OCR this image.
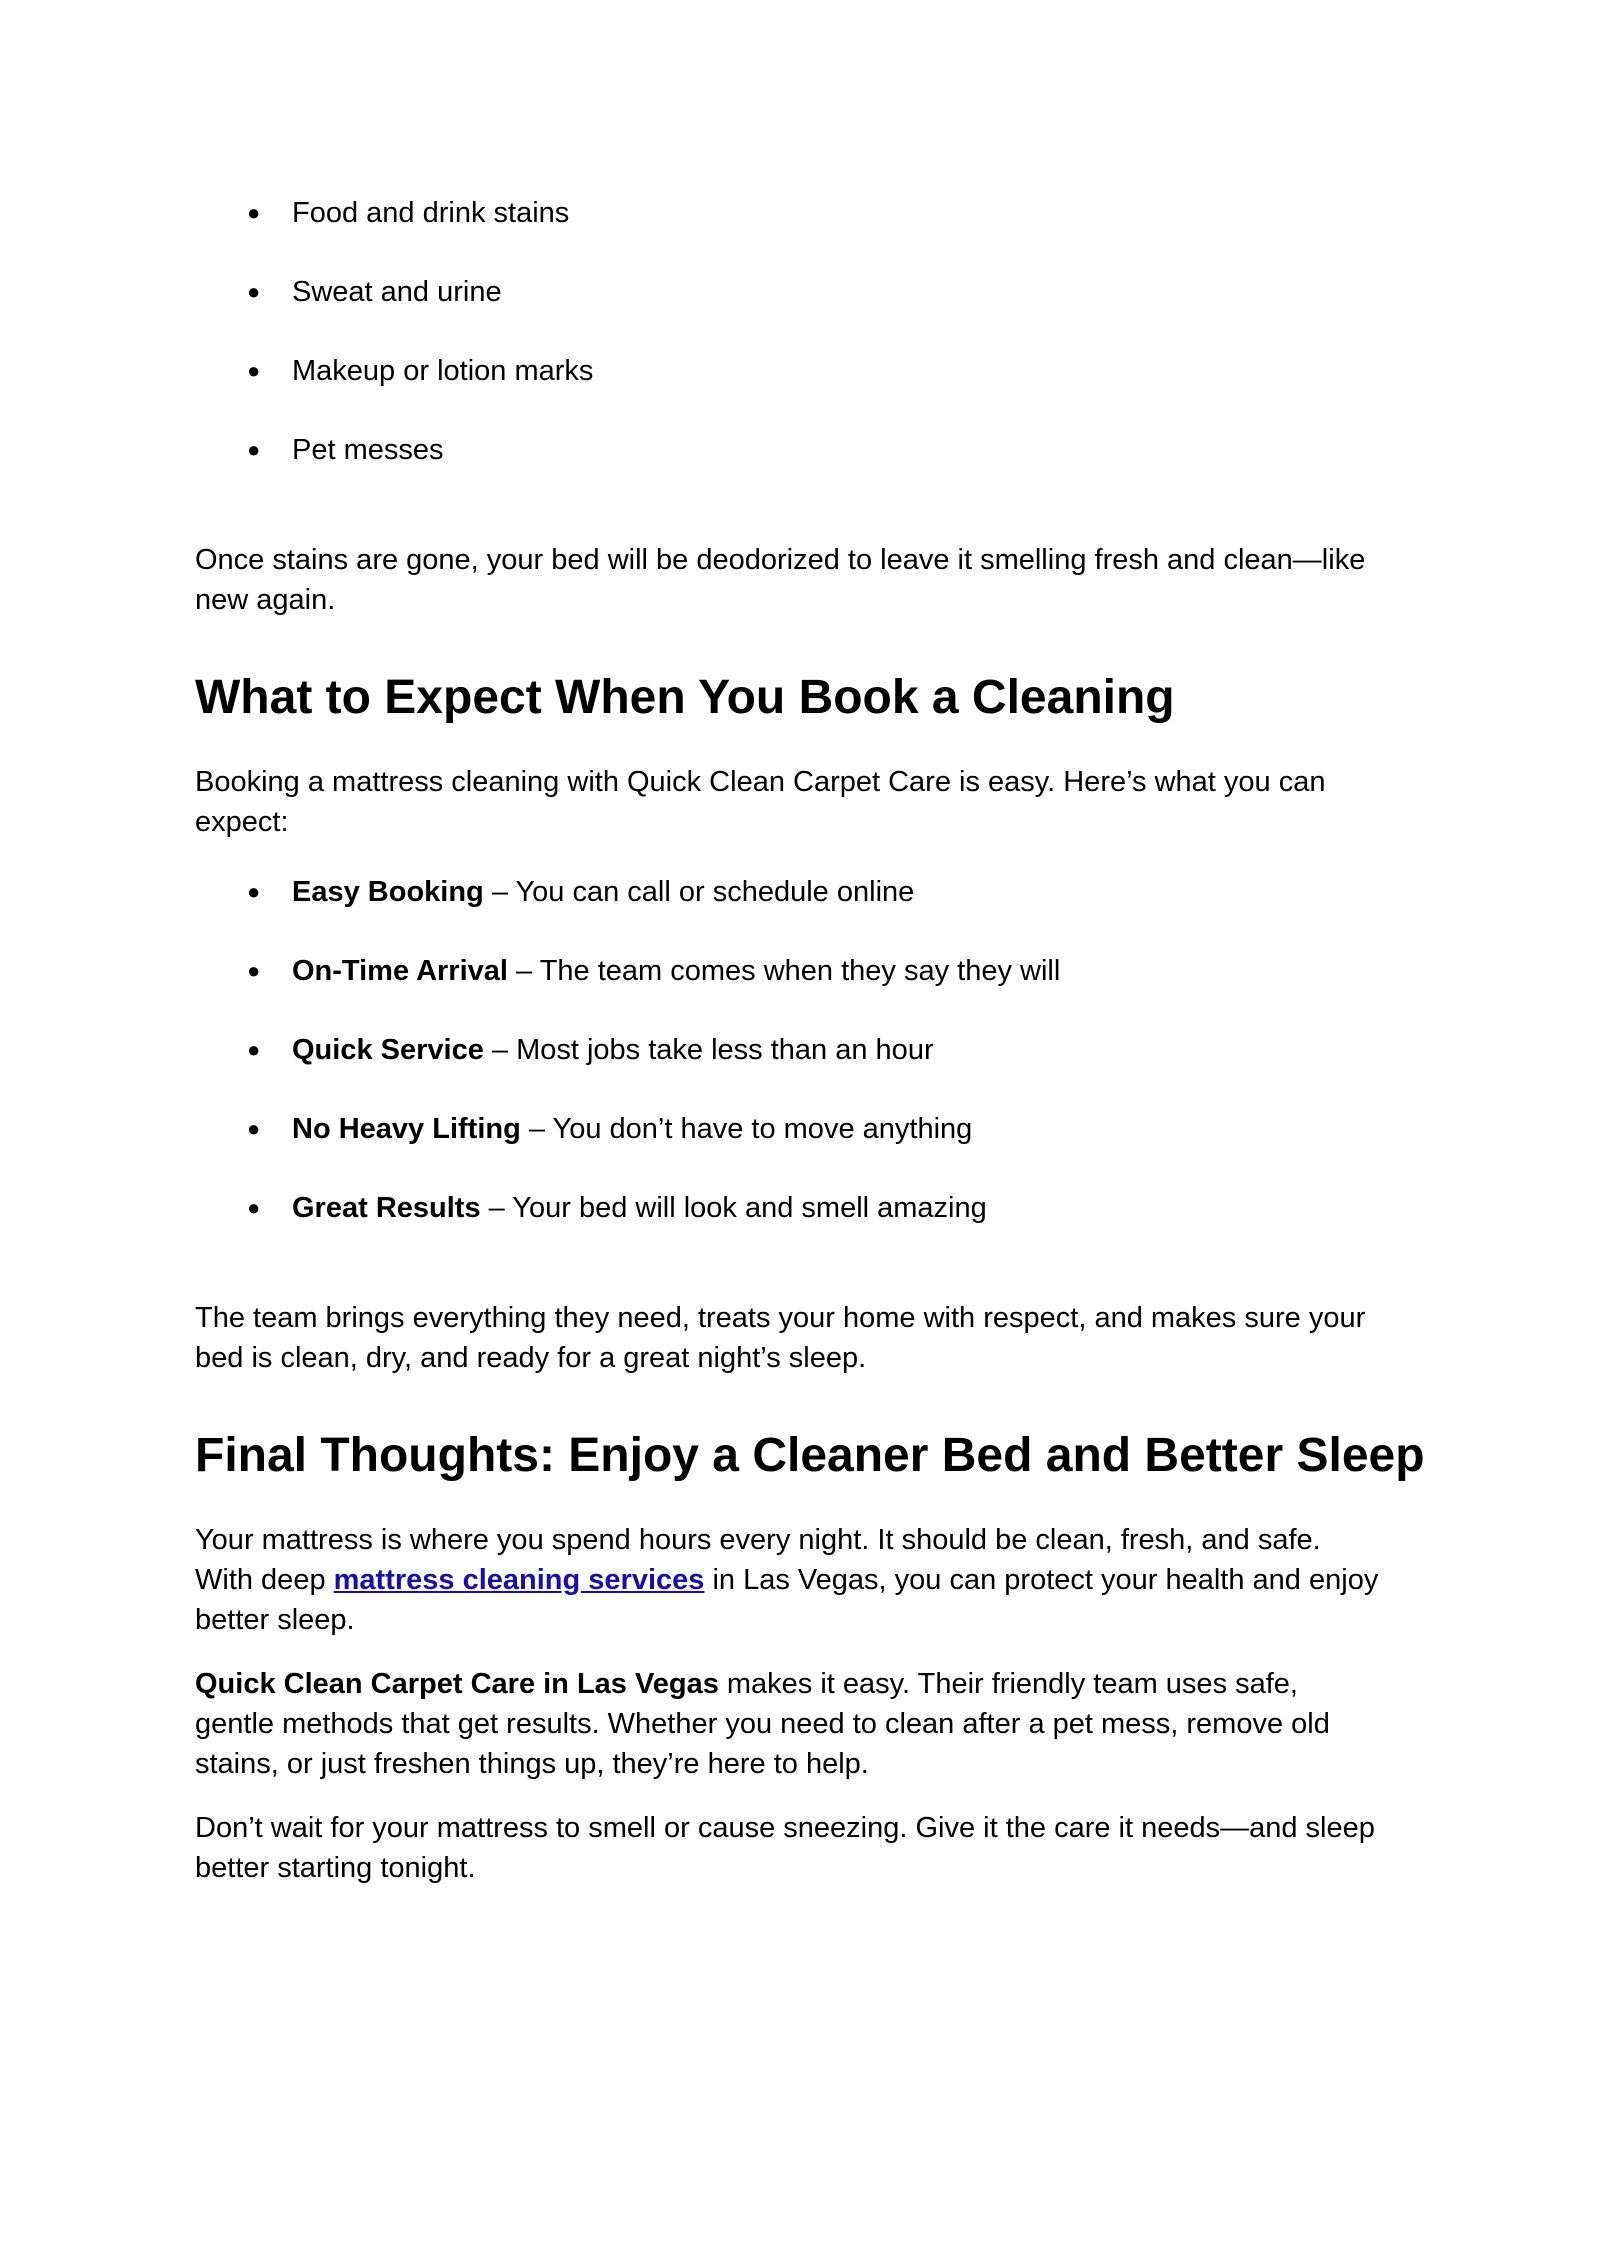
● Food and drink stains
● Sweat and urine
● Makeup or lotion marks
● Pet messes

Once stains are gone, your bed will be deodorized to leave it smelling fresh and clean—like

new again.

What to Expect When You Book a Cleaning

Booking a mattress cleaning with Quick Clean Carpet Care is easy. Here’s what you can

expect:

● Easy Booking – You can call or schedule online
● On-Time Arrival – The team comes when they say they will
● Quick Service – Most jobs take less than an hour
● No Heavy Lifting – You don’t have to move anything
● Great Results – Your bed will look and smell amazing

The team brings everything they need, treats your home with respect, and makes sure your

bed is clean, dry, and ready for a great night’s sleep.

Final Thoughts: Enjoy a Cleaner Bed and Better Sleep

Your mattress is where you spend hours every night. It should be clean, fresh, and safe.

With deep mattress cleaning services in Las Vegas, you can protect your health and enjoy

better sleep.

Quick Clean Carpet Care in Las Vegas makes it easy. Their friendly team uses safe,

gentle methods that get results. Whether you need to clean after a pet mess, remove old

stains, or just freshen things up, they’re here to help.

Don’t wait for your mattress to smell or cause sneezing. Give it the care it needs—and sleep

better starting tonight.
